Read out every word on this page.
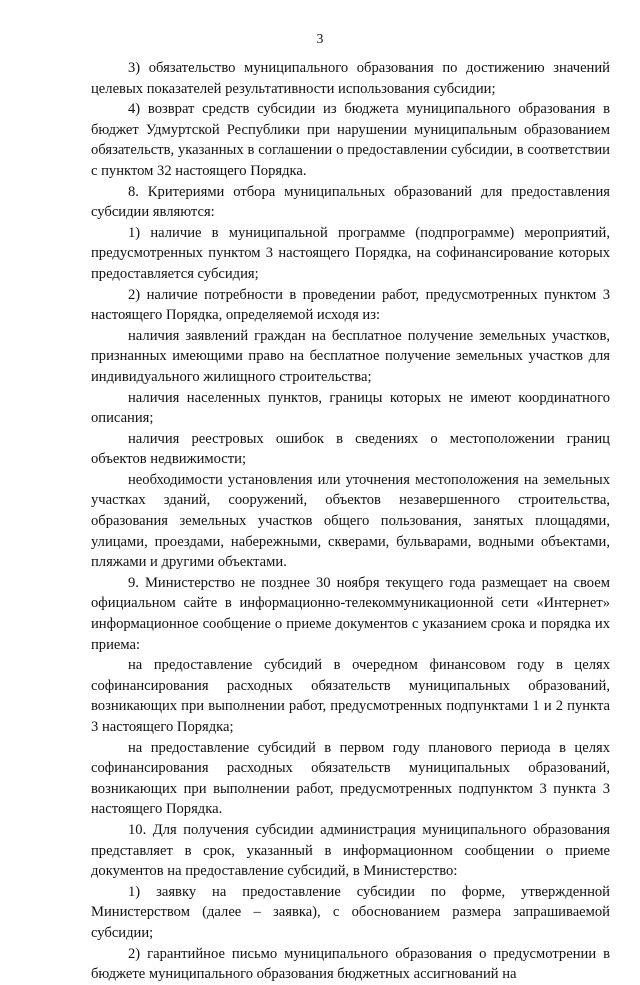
3

3) обязательство муниципального образования по достижению значений целевых показателей результативности использования субсидии;

4) возврат средств субсидии из бюджета муниципального образования в бюджет Удмуртской Республики при нарушении муниципальным образованием обязательств, указанных в соглашении о предоставлении субсидии, в соответствии с пунктом 32 настоящего Порядка.

8. Критериями отбора муниципальных образований для предоставления субсидии являются:

1) наличие в муниципальной программе (подпрограмме) мероприятий, предусмотренных пунктом 3 настоящего Порядка, на софинансирование которых предоставляется субсидия;

2) наличие потребности в проведении работ, предусмотренных пунктом 3 настоящего Порядка, определяемой исходя из:

наличия заявлений граждан на бесплатное получение земельных участков, признанных имеющими право на бесплатное получение земельных участков для индивидуального жилищного строительства;

наличия населенных пунктов, границы которых не имеют координатного описания;

наличия реестровых ошибок в сведениях о местоположении границ объектов недвижимости;

необходимости установления или уточнения местоположения на земельных участках зданий, сооружений, объектов незавершенного строительства, образования земельных участков общего пользования, занятых площадями, улицами, проездами, набережными, скверами, бульварами, водными объектами, пляжами и другими объектами.

9. Министерство не позднее 30 ноября текущего года размещает на своем официальном сайте в информационно-телекоммуникационной сети «Интернет» информационное сообщение о приеме документов с указанием срока и порядка их приема:

на предоставление субсидий в очередном финансовом году в целях софинансирования расходных обязательств муниципальных образований, возникающих при выполнении работ, предусмотренных подпунктами 1 и 2 пункта 3 настоящего Порядка;

на предоставление субсидий в первом году планового периода в целях софинансирования расходных обязательств муниципальных образований, возникающих при выполнении работ, предусмотренных подпунктом 3 пункта 3 настоящего Порядка.

10. Для получения субсидии администрация муниципального образования представляет в срок, указанный в информационном сообщении о приеме документов на предоставление субсидий, в Министерство:

1) заявку на предоставление субсидии по форме, утвержденной Министерством (далее – заявка), с обоснованием размера запрашиваемой субсидии;

2) гарантийное письмо муниципального образования о предусмотрении в бюджете муниципального образования бюджетных ассигнований на
